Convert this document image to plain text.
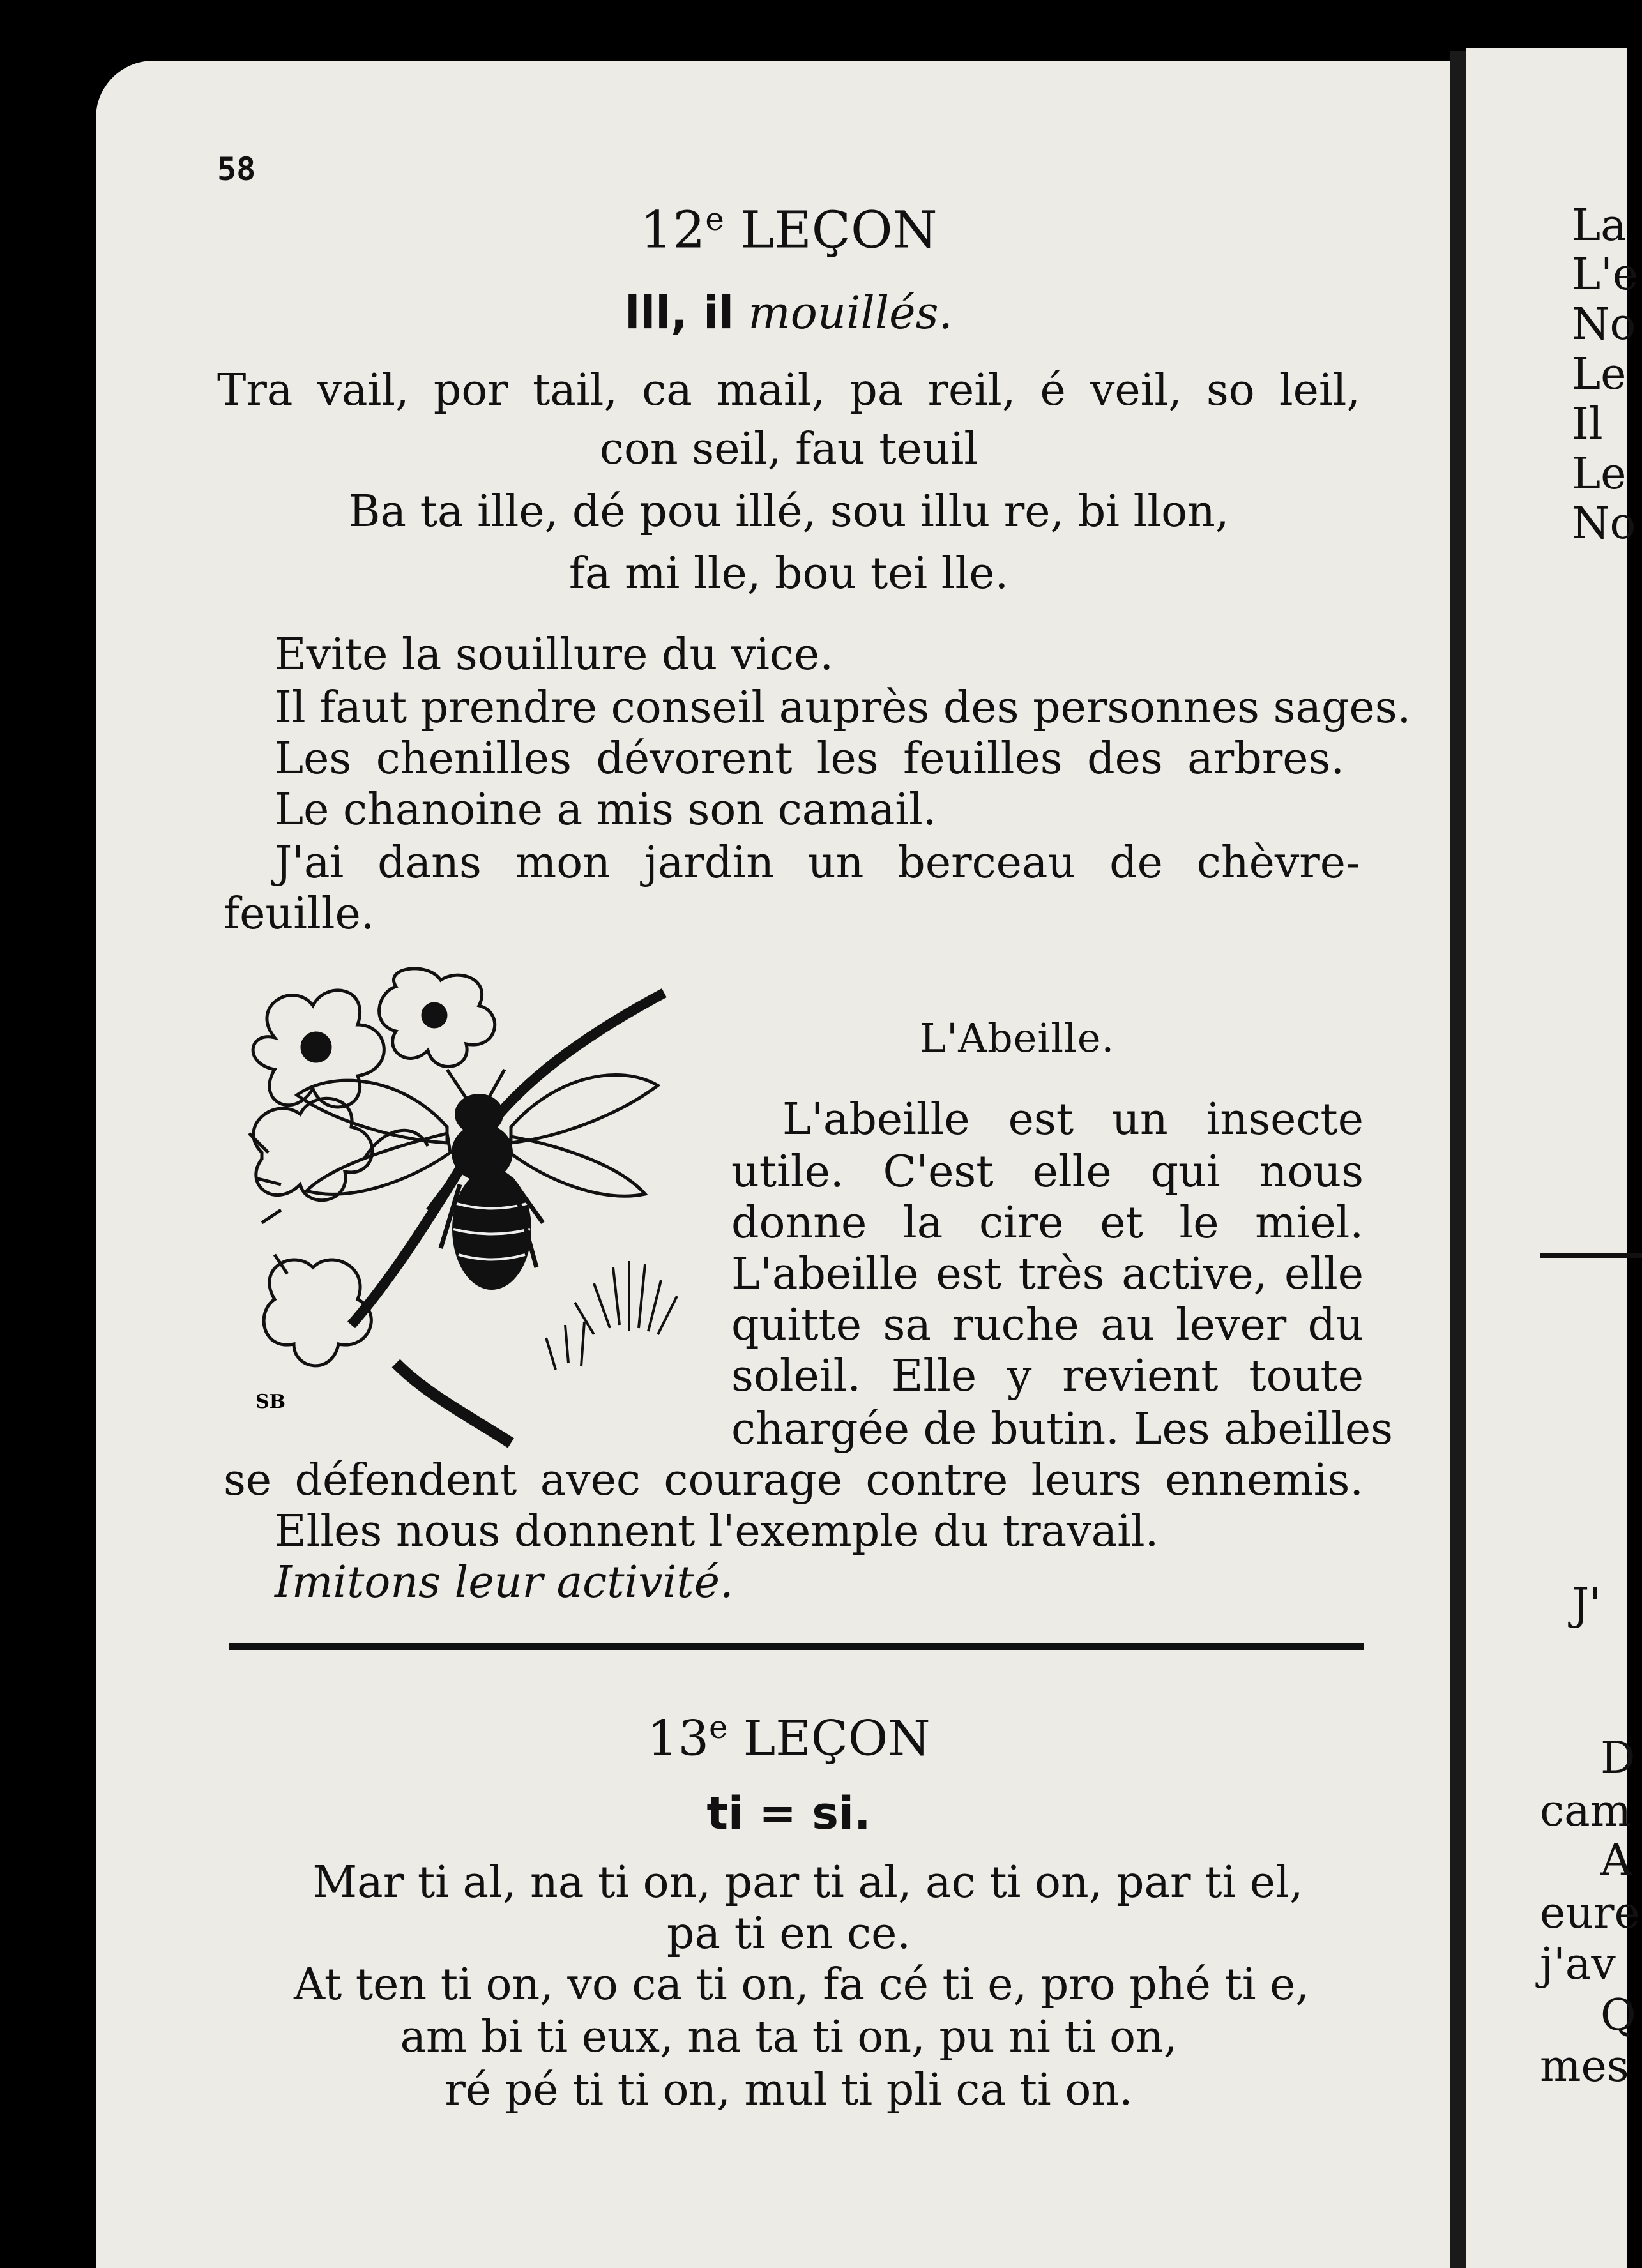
La
L'e
No
Le
Il
Le
No
J'
D
cam
A
eure
j'av
Q
mes
58
12e LEÇON
lll, il mouillés.
Tra vail, por tail, ca mail, pa reil, é veil, so leil,
con seil, fau teuil
Ba ta ille, dé pou illé, sou illu re, bi llon,
fa mi lle, bou tei lle.
Evite la souillure du vice.
Il faut prendre conseil auprès des personnes sages.
Les chenilles dévorent les feuilles des arbres.
Le chanoine a mis son camail.
J'ai dans mon jardin un berceau de chèvre-
feuille.
SB
L'Abeille.
L'abeille est un insecte
utile. C'est elle qui nous
donne la cire et le miel.
L'abeille est très active, elle
quitte sa ruche au lever du
soleil. Elle y revient toute
chargée de butin. Les abeilles
se défendent avec courage contre leurs ennemis.
Elles nous donnent l'exemple du travail.
Imitons leur activité.
13e LEÇON
ti = si.
Mar ti al, na ti on, par ti al, ac ti on, par ti el,
pa ti en ce.
At ten ti on, vo ca ti on, fa cé ti e, pro phé ti e,
am bi ti eux, na ta ti on, pu ni ti on,
ré pé ti ti on, mul ti pli ca ti on.
